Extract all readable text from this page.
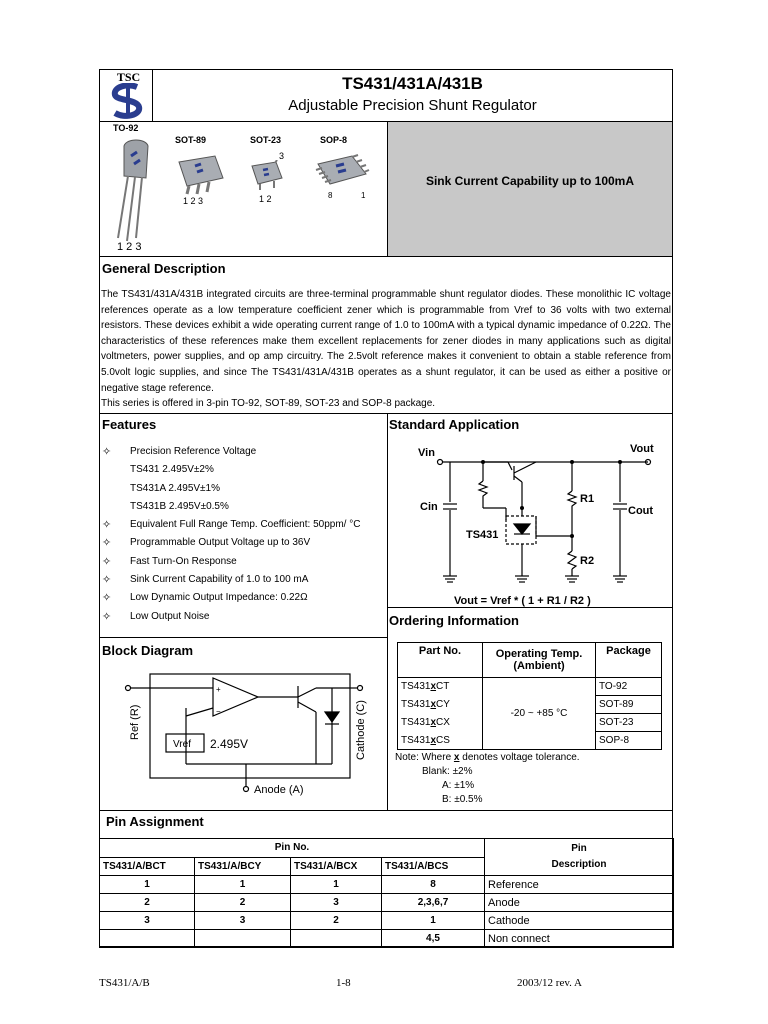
TSC	TS431/431A/431B
Adjustable Precision Shunt Regulator
Sink Current Capability up to 100mA
TO-92
1 2 3
SOT-89
1 2 3
SOT-23
3
1 2
SOP-8
8	1
General Description
The TS431/431A/431B integrated circuits are three-terminal programmable shunt regulator diodes. These monolithic IC voltage references operate as a low temperature coefficient zener which is programmable from Vref to 36 volts with two external resistors. These devices exhibit a wide operating current range of 1.0 to 100mA with a typical dynamic impedance of 0.22Ω. The characteristics of these references make them excellent replacements for zener diodes in many applications such as digital voltmeters, power supplies, and op amp circuitry. The 2.5volt reference makes it convenient to obtain a stable reference from 5.0volt logic supplies, and since The TS431/431A/431B operates as a shunt regulator, it can be used as either a positive or negative stage reference.
This series is offered in 3-pin TO-92, SOT-89, SOT-23 and SOP-8 package.
Features
✧ Precision Reference Voltage
TS431 2.495V±2%
TS431A 2.495V±1%
TS431B 2.495V±0.5%
✧ Equivalent Full Range Temp. Coefficient: 50ppm/ °C
✧ Programmable Output Voltage up to 36V
✧ Fast Turn-On Response
✧ Sink Current Capability of 1.0 to 100 mA
✧ Low Dynamic Output Impedance: 0.22Ω
✧ Low Output Noise
Standard Application
Vin	Vout
Cin	Cout
R1
R2
TS431
Vout = Vref * ( 1 + R1 / R2 )
Ordering Information
Part No.	Operating Temp. (Ambient)	Package
TS431xCT	-20 ~ +85 °C	TO-92
TS431xCY		SOT-89
TS431xCX		SOT-23
TS431xCS		SOP-8
Note: Where x denotes voltage tolerance.
Blank: ±2%
A: ±1%
B: ±0.5%
Block Diagram
+
−
Vref 2.495V
Anode (A)
Ref (R)	Cathode (C)
Pin Assignment
Pin No.				Pin
Description

TS431/A/BCT	TS431/A/BCY	TS431/A/BCX	TS431/A/BCS	
1	1	1	8	Reference
2	2	3	2,3,6,7	Anode
3	3	2	1	Cathode
			4,5	Non connect
TS431/A/B	1-8	2003/12 rev. A
